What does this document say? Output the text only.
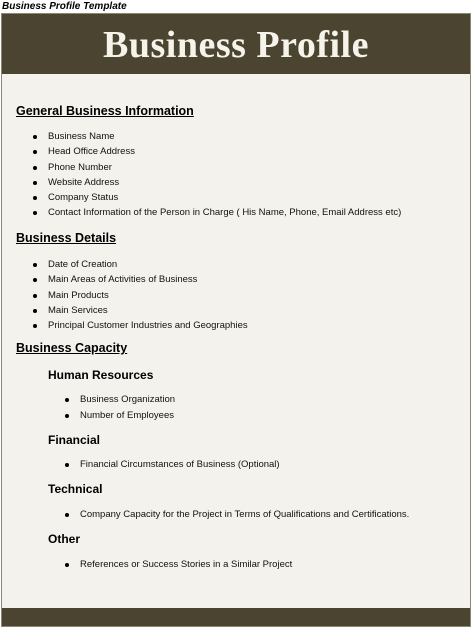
Business Profile Template
Business Profile
General Business Information
Business Name
Head Office Address
Phone Number
Website Address
Company Status
Contact Information of the Person in Charge ( His Name, Phone, Email Address etc)
Business Details
Date of Creation
Main Areas of Activities of Business
Main Products
Main Services
Principal Customer Industries and Geographies
Business Capacity
Human Resources
Business Organization
Number of Employees
Financial
Financial Circumstances of Business (Optional)
Technical
Company Capacity for the Project in Terms of Qualifications and Certifications.
Other
References or Success Stories in a Similar Project
